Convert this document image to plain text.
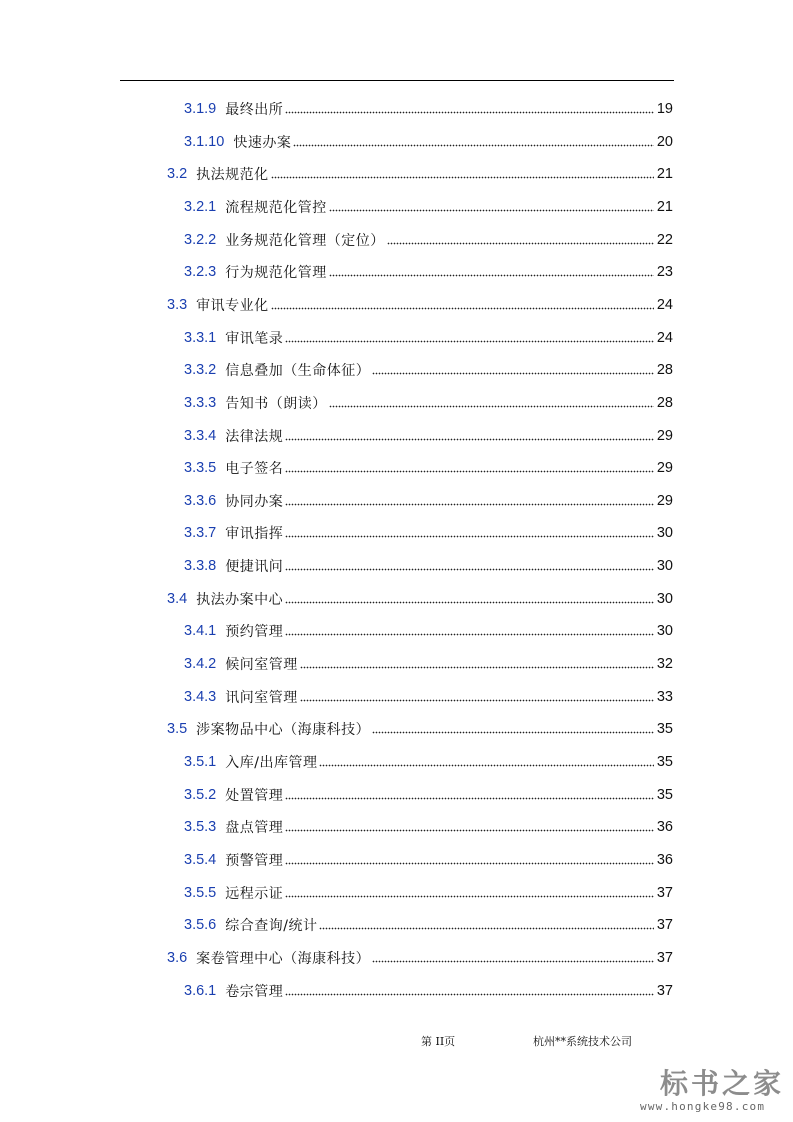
3.1.9 最终出所	19
3.1.10 快速办案	20
3.2 执法规范化	21
3.2.1 流程规范化管控	21
3.2.2 业务规范化管理（定位）	22
3.2.3 行为规范化管理	23
3.3 审讯专业化	24
3.3.1 审讯笔录	24
3.3.2 信息叠加（生命体征）	28
3.3.3 告知书（朗读）	28
3.3.4 法律法规	29
3.3.5 电子签名	29
3.3.6 协同办案	29
3.3.7 审讯指挥	30
3.3.8 便捷讯问	30
3.4 执法办案中心	30
3.4.1 预约管理	30
3.4.2 候问室管理	32
3.4.3 讯问室管理	33
3.5 涉案物品中心（海康科技）	35
3.5.1 入库/出库管理	35
3.5.2 处置管理	35
3.5.3 盘点管理	36
3.5.4 预警管理	36
3.5.5 远程示证	37
3.5.6 综合查询/统计	37
3.6 案卷管理中心（海康科技）	37
3.6.1 卷宗管理	37
第 II页	杭州**系统技术公司
标书之家
www.hongke98.com
